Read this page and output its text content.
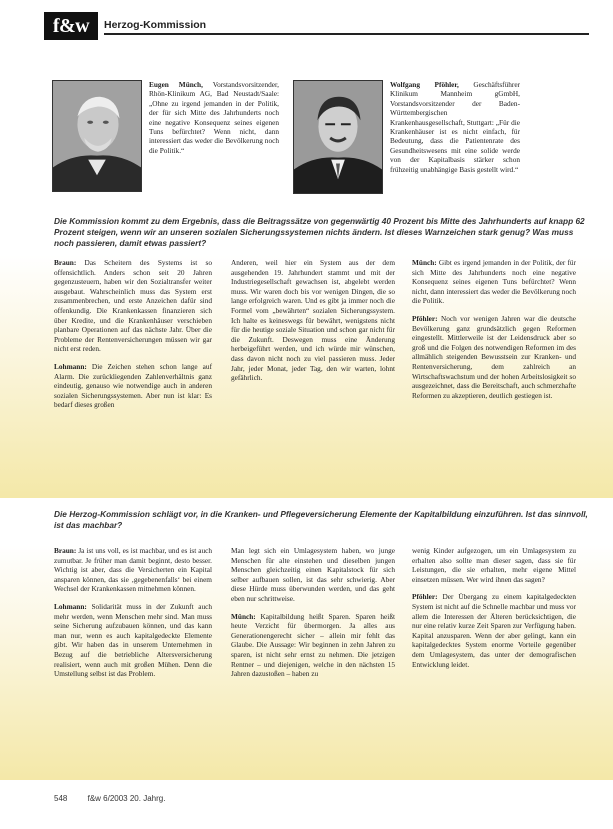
f&w	Herzog-Kommission
Eugen Münch, Vorstandsvorsitzender, Rhön-Klinikum AG, Bad Neustadt/Saale: „Ohne zu irgend jemanden in der Politik, der für sich Mitte des Jahrhunderts noch eine negative Konsequenz seines eigenen Tuns befürchtet? Wenn nicht, dann interessiert das weder die Bevölkerung noch die Politik.“
Wolfgang Pföhler, Geschäftsführer Klinikum Mannheim gGmbH, Vorstandsvorsitzender der Baden-Württembergischen Krankenhausgesellschaft, Stuttgart: „Für die Krankenhäuser ist es nicht einfach, für Bedeutung, dass die Patientenrate des Gesundheitswesens mit eine solide werde von der Kapitalbasis stärker schon frühzeitig unabhängige Basis gestellt wird.“
Die Kommission kommt zu dem Ergebnis, dass die Beitragssätze von gegenwärtig 40 Prozent bis Mitte des Jahrhunderts auf knapp 62 Prozent steigen, wenn wir an unseren sozialen Sicherungssystemen nichts ändern. Ist dieses Warnzeichen stark genug? Was muss noch passieren, damit etwas passiert?

Braun: Das Scheitern des Systems ist so offensichtlich. Anders schon seit 20 Jahren gegenzusteuern, haben wir den Sozialtransfer weiter ausgebaut. Wahrscheinlich muss das System erst zusammenbrechen, und erste Anzeichen dafür sind offenkundig. Die Krankenkassen finanzieren sich über Kredite, und die Krankenhäuser verschieben planbare Operationen auf das nächste Jahr. Über die Probleme der Rentenversicherungen müssen wir gar nicht erst reden.

Lohmann: Die Zeichen stehen schon lange auf Alarm. Die zurückliegenden Zahlenverhältnis ganz eindeutig, genauso wie notwendige auch in anderen sozialen Sicherungssystemen. Aber nun ist klar: Es bedarf dieses großen

Anderen, weil hier ein System aus der dem ausgehenden 19. Jahrhundert stammt und mit der Industriegesellschaft gewachsen ist, abgelebt werden muss. Wir waren doch bis vor wenigen Dingen, die so lange erfolgreich waren. Und es gibt ja immer noch die Formel vom „bewährten“ sozialen Sicherungssystem. Ich halte es keineswegs für bewährt, wenigstens nicht für die heutige soziale Situation und schon gar nicht für die Zukunft. Deswegen muss eine Änderung herbeigeführt werden, und ich würde mir wünschen, dass davon nicht noch zu viel passieren muss. Jeder Jahr, jeder Monat, jeder Tag, den wir warten, lohnt gefährlich.

Münch: Gibt es irgend jemanden in der Politik, der für sich Mitte des Jahrhunderts noch eine negative Konsequenz seines eigenen Tuns befürchtet? Wenn nicht, dann interessiert das weder die Bevölkerung noch die Politik.

Pföhler: Noch vor wenigen Jahren war die deutsche Bevölkerung ganz grundsätzlich gegen Reformen eingestellt. Mittlerweile ist der Leidensdruck aber so groß und die Folgen des notwendigen Reformen im des allmählich steigenden Bewusstsein zur Kranken- und Rentenversicherung, dem zahlreich an Wirtschaftswachstum und der hohen Arbeitslosigkeit so ausgezeichnet, dass die Bereitschaft, auch schmerzhafte Reformen zu akzeptieren, deutlich gestiegen ist.

Die Herzog-Kommission schlägt vor, in die Kranken- und Pflegeversicherung Elemente der Kapitalbildung einzuführen. Ist das sinnvoll, ist das machbar?

Braun: Ja ist uns voll, es ist machbar, und es ist auch zumutbar. Je früher man damit beginnt, desto besser. Wichtig ist aber, dass die Versicherten ein Kapital ansparen können, das sie ‚gegebenenfalls‘ bei einem Wechsel der Krankenkassen mitnehmen können.

Lohmann: Solidarität muss in der Zukunft auch mehr werden, wenn Menschen mehr sind. Man muss seine Sicherung aufzubauen können, und das kann man nur, wenn es auch kapitalgedeckte Elemente gibt. Wir haben das in unserem Unternehmen in Bezug auf die betriebliche Altersversicherung realisiert, wenn auch mit großen Mühen. Denn die Umstellung selbst ist das Problem.

Man legt sich ein Umlagesystem haben, wo junge Menschen für alte einstehen und dieselben jungen Menschen gleichzeitig einen Kapitalstock für sich selber aufbauen sollen, ist das sehr schwierig. Aber diese Hürde muss überwunden werden, und das geht eben nur schrittweise.

Münch: Kapitalbildung heißt Sparen. Sparen heißt heute Verzicht für übermorgen. Ja alles aus Generationengerecht sicher – allein mir fehlt das Glaube. Die Aussage: Wir beginnen in zehn Jahren zu sparen, ist nicht sehr ernst zu nehmen. Die jetzigen Rentner – und diejenigen, welche in den nächsten 15 Jahren dazustoßen – haben zu

wenig Kinder aufgezogen, um ein Umlagesystem zu erhalten also sollte man dieser sagen, dass sie für Leistungen, die sie erhalten, mehr eigene Mittel einsetzen müssen. Wer wird ihnen das sagen?

Pföhler: Der Übergang zu einem kapitalgedeckten System ist nicht auf die Schnelle machbar und muss vor allem die Interessen der Älteren berücksichtigen, die nur eine relativ kurze Zeit Sparen zur Verfügung haben. Kapital anzusparen. Wenn der aber gelingt, kann ein kapitalgedecktes System enorme Vorteile gegenüber dem Umlagesystem, das unter der demografischen Entwicklung leidet.

548	f&w 6/2003 20. Jahrg.
